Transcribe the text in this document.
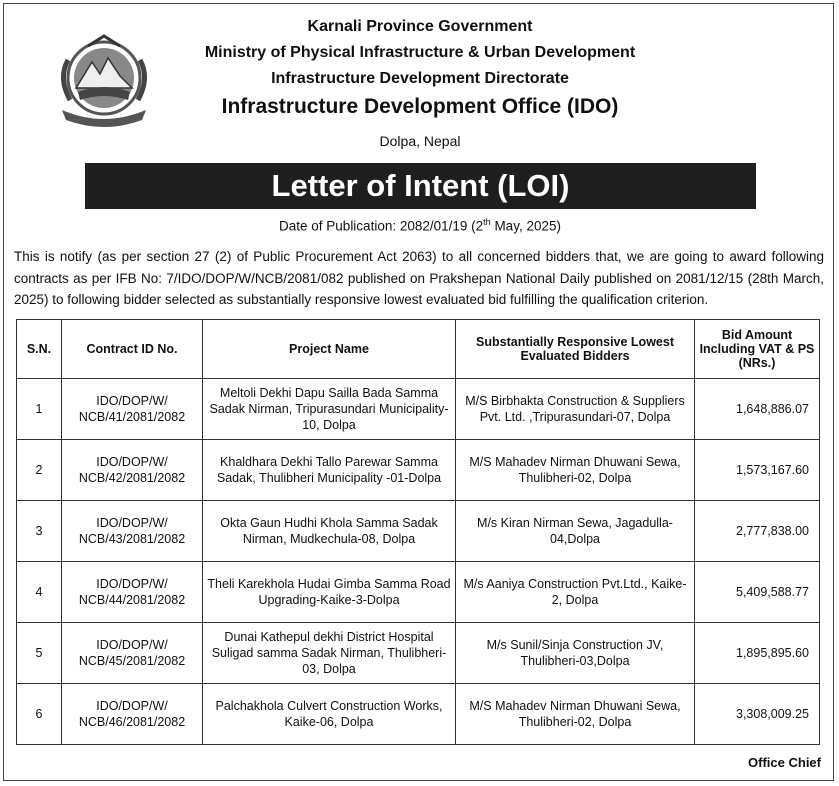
Karnali Province Government
Ministry of Physical Infrastructure & Urban Development
Infrastructure Development Directorate
Infrastructure Development Office (IDO)
Dolpa, Nepal
Letter of Intent (LOI)
Date of Publication: 2082/01/19 (2th May, 2025)
This is notify (as per section 27 (2) of Public Procurement Act 2063) to all concerned bidders that, we are going to award following contracts as per IFB No: 7/IDO/DOP/W/NCB/2081/082 published on Prakshepan National Daily published on 2081/12/15 (28th March, 2025) to following bidder selected as substantially responsive lowest evaluated bid fulfilling the qualification criterion.
S.N.	Contract ID No.	Project Name	Substantially Responsive Lowest Evaluated Bidders	Bid Amount Including VAT & PS (NRs.)
1	IDO/DOP/W/ NCB/41/2081/2082	Meltoli Dekhi Dapu Sailla Bada Samma Sadak Nirman, Tripurasundari Municipality-10, Dolpa	M/S Birbhakta Construction & Suppliers Pvt. Ltd. ,Tripurasundari-07, Dolpa	1,648,886.07
2	IDO/DOP/W/ NCB/42/2081/2082	Khaldhara Dekhi Tallo Parewar Samma Sadak, Thulibheri Municipality -01-Dolpa	M/S Mahadev Nirman Dhuwani Sewa, Thulibheri-02, Dolpa	1,573,167.60
3	IDO/DOP/W/ NCB/43/2081/2082	Okta Gaun Hudhi Khola Samma Sadak Nirman, Mudkechula-08, Dolpa	M/s Kiran Nirman Sewa, Jagadulla-04,Dolpa	2,777,838.00
4	IDO/DOP/W/ NCB/44/2081/2082	Theli Karekhola Hudai Gimba Samma Road Upgrading-Kaike-3-Dolpa	M/s Aaniya Construction Pvt.Ltd., Kaike-2, Dolpa	5,409,588.77
5	IDO/DOP/W/ NCB/45/2081/2082	Dunai Kathepul dekhi District Hospital Suligad samma Sadak Nirman, Thulibheri-03, Dolpa	M/s Sunil/Sinja Construction JV, Thulibheri-03,Dolpa	1,895,895.60
6	IDO/DOP/W/ NCB/46/2081/2082	Palchakhola Culvert Construction Works, Kaike-06, Dolpa	M/S Mahadev Nirman Dhuwani Sewa, Thulibheri-02, Dolpa	3,308,009.25
Office Chief
